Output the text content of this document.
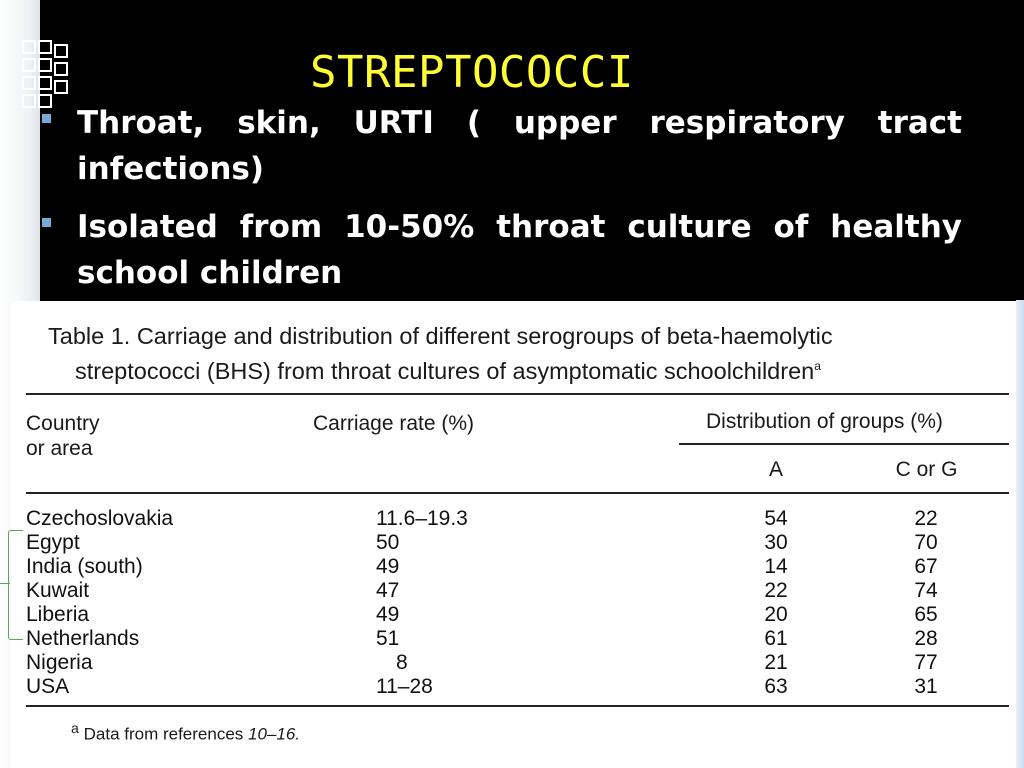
STREPTOCOCCI
Throat, skin, URTI ( upper respiratory tract infections)
Isolated from 10-50% throat culture of healthy school children
Table 1. Carriage and distribution of different serogroups of beta-haemolytic
streptococci (BHS) from throat cultures of asymptomatic schoolchildren$^a$
Country
or area
Carriage rate (%)	Distribution of groups (%)
A	C or G
Czechoslovakia	11.6–19.3	54	22
Egypt	50	30	70
India (south)	49	14	67
Kuwait	47	22	74
Liberia	49	20	65
Netherlands	51	61	28
Nigeria	8	21	77
USA	11–28	63	31
$^a$ Data from references 10–16.
